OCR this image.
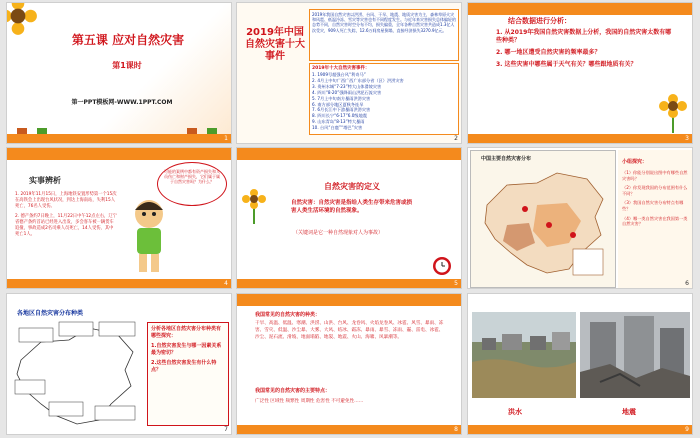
第五课 应对自然灾害
第1课时
第一PPT模板网-WWW.1PPT.COM
1
2019年中国自然灾害十大事件
2019年我国自然灾害以洪涝、台风、干旱、地震、地质灾害为主，森林草原火灾和风雹、低温冷冻、雪灾等灾害也有不同程度发生。与近年来灾害损失总体偏轻的态势不同，自然灾害时空分布不均，损失偏重，全年各种自然灾害共造成1.3亿人次受灾，909人死亡失踪，12.6万间房屋倒塌，直接经济损失3270.9亿元。
2019年十大自然灾害事件：
1. 1909号超强台风“利奇马”
2. 4月上中旬广西广西广东部分省（区）洪涝灾害
3. 贵州水城“7·23”特大山体滑坡灾害
4. 四川“8·20”强降雨山洪泥石流灾害
5. 7月上中旬南方暴雨洪涝灾害
6. 南方部分地区夏秋冬连旱
7. 6月长江中下游暴雨洪涝灾害
8. 四川长宁“6·17”6.0级地震
9. 山东青岛“8·13”特大暴雨
10. 台风“白鹿”“塔巴”灾害
2
结合数据进行分析：
1. 从2019年我国自然灾害数据上分析，我国的自然灾害太数有哪些种类？
2. 哪一地区遭受自然灾害的频率最多？
3. 这些灾害中哪些属于天气有关？哪些跟地质有关？
3
实事辨析
1. 2019年11月15日，上海地铁安置形势第一个15次在高铁会上出现台风状况，到达上海南站，失利15人死亡，76名人受伤。
2. 德产条约7日晚上，11月22日中午12点左右，辽宁省德产条约首站已经进入出发，多会客车被一辆货车追撞，事故造成2名司乘人员死亡，14人受伤，其中死亡1人。
可能的案例中都有资产损失和人员伤亡和财产损失，它们属于属于自然灾害吗？为什么？
4
自然灾害的定义
自然灾害：自然灾害是指给人类生存带来危害或损害人类生活环境的自然现象。
（关键词是它一种自然现象对人为事故）
5
中国主要自然灾害分布	小组探究：
（1）你能分别说出图中有哪些自然灾害吗？
（2）你发现我国的分布范围有什么不同？
（3）我国自然灾害分布特点有哪些？
（4）哪一类自然灾害在我国第一类自然灾害？
6
各地区自然灾害分布种类
分析各地区自然灾害分布种类有哪些探究：
1.自然灾害发生与哪一因素关系最为密切？
2.这些自然灾害发生有什么特点？
7
我国常见的自然灾害的种类：
干旱、高温、低温、寒潮、洪涝、山洪、台风、龙卷风、火焰龙卷风、冰雹、风雪、暴雨、冻害、雪灾、低温、沙尘暴、大雾、大风、结冰、霜冻、暴雨、暴雪、冻雨、霾、雷电、冰雹、沙尘、泥石流、滑坡、地面塌陷、地裂、地震、火山、海啸、风暴潮等。
我国常见的自然灾害的主要特点：
广泛性 区域性 频繁性 周期性 危害性 不可避免性……
8
洪水	地震
9
